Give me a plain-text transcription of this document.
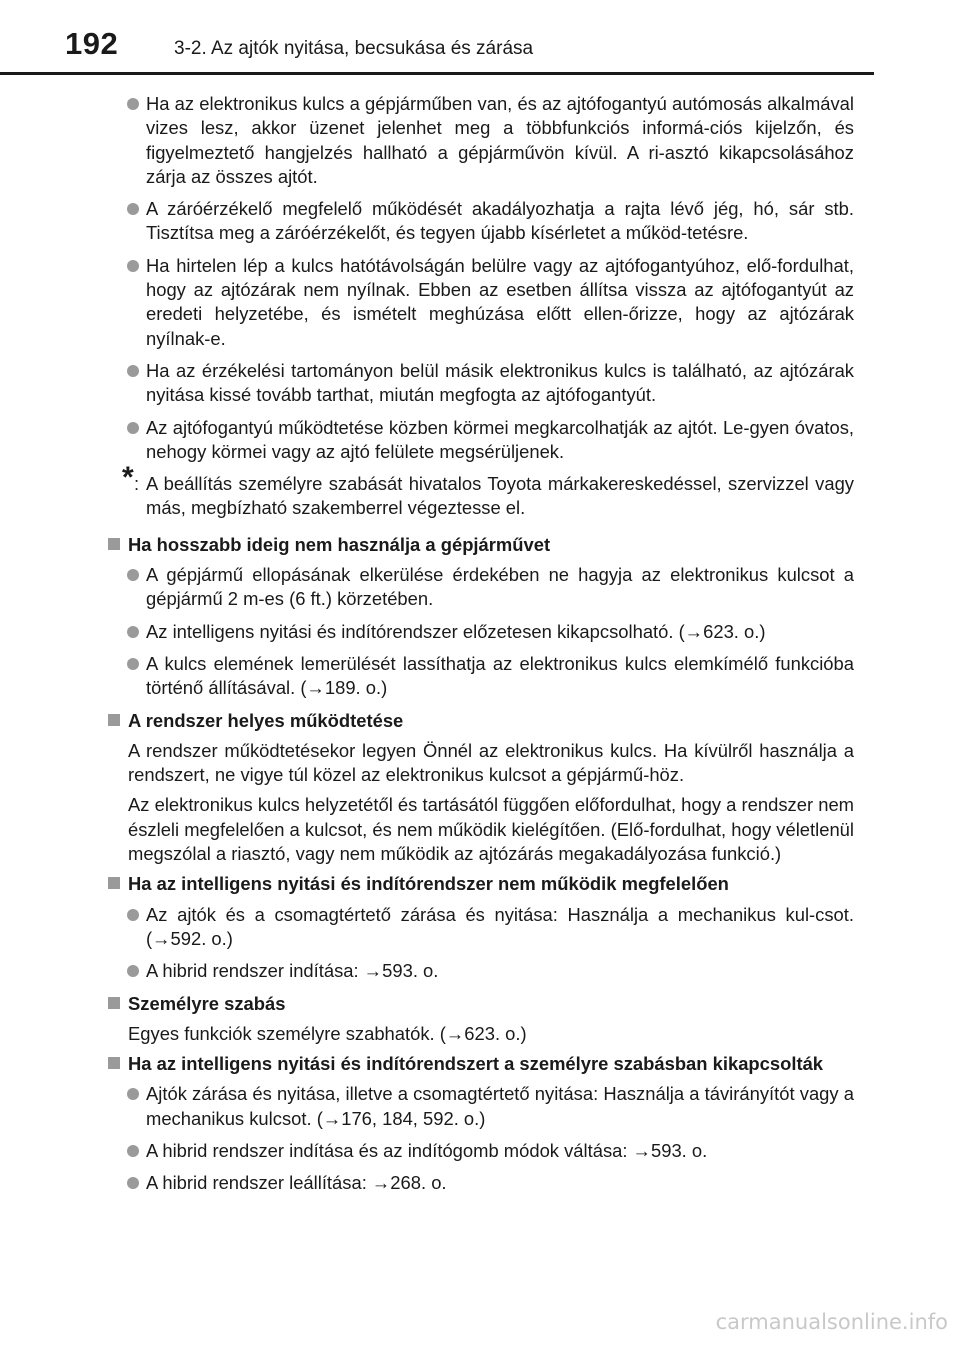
192	3-2. Az ajtók nyitása, becsukása és zárása
Ha az elektronikus kulcs a gépjárműben van, és az ajtófogantyú autómosás alkalmával vizes lesz, akkor üzenet jelenhet meg a többfunkciós informá-ciós kijelzőn, és figyelmeztető hangjelzés hallható a gépjárművön kívül. A ri-asztó kikapcsolásához zárja az összes ajtót.
A záróérzékelő megfelelő működését akadályozhatja a rajta lévő jég, hó, sár stb. Tisztítsa meg a záróérzékelőt, és tegyen újabb kísérletet a működ-tetésre.
Ha hirtelen lép a kulcs hatótávolságán belülre vagy az ajtófogantyúhoz, elő-fordulhat, hogy az ajtózárak nem nyílnak. Ebben az esetben állítsa vissza az ajtófogantyút az eredeti helyzetébe, és ismételt meghúzása előtt ellen-őrizze, hogy az ajtózárak nyílnak-e.
Ha az érzékelési tartományon belül másik elektronikus kulcs is található, az ajtózárak nyitása kissé tovább tarthat, miután megfogta az ajtófogantyút.
Az ajtófogantyú működtetése közben körmei megkarcolhatják az ajtót. Le-gyen óvatos, nehogy körmei vagy az ajtó felülete megsérüljenek.
* : A beállítás személyre szabását hivatalos Toyota márkakereskedéssel, szervizzel vagy más, megbízható szakemberrel végeztesse el.
Ha hosszabb ideig nem használja a gépjárművet
A gépjármű ellopásának elkerülése érdekében ne hagyja az elektronikus kulcsot a gépjármű 2 m-es (6 ft.) körzetében.
Az intelligens nyitási és indítórendszer előzetesen kikapcsolható. (→623. o.)
A kulcs elemének lemerülését lassíthatja az elektronikus kulcs elemkímélő funkcióba történő állításával. (→189. o.)
A rendszer helyes működtetése
A rendszer működtetésekor legyen Önnél az elektronikus kulcs. Ha kívülről használja a rendszert, ne vigye túl közel az elektronikus kulcsot a gépjármű-höz.
Az elektronikus kulcs helyzetétől és tartásától függően előfordulhat, hogy a rendszer nem észleli megfelelően a kulcsot, és nem működik kielégítően. (Elő-fordulhat, hogy véletlenül megszólal a riasztó, vagy nem működik az ajtózárás megakadályozása funkció.)
Ha az intelligens nyitási és indítórendszer nem működik megfelelően
Az ajtók és a csomagtértető zárása és nyitása: Használja a mechanikus kul-csot. (→592. o.)
A hibrid rendszer indítása: →593. o.
Személyre szabás
Egyes funkciók személyre szabhatók. (→623. o.)
Ha az intelligens nyitási és indítórendszert a személyre szabásban kikapcsolták
Ajtók zárása és nyitása, illetve a csomagtértető nyitása: Használja a távirányítót vagy a mechanikus kulcsot. (→176, 184, 592. o.)
A hibrid rendszer indítása és az indítógomb módok váltása: →593. o.
A hibrid rendszer leállítása: →268. o.
carmanualsonline.info
